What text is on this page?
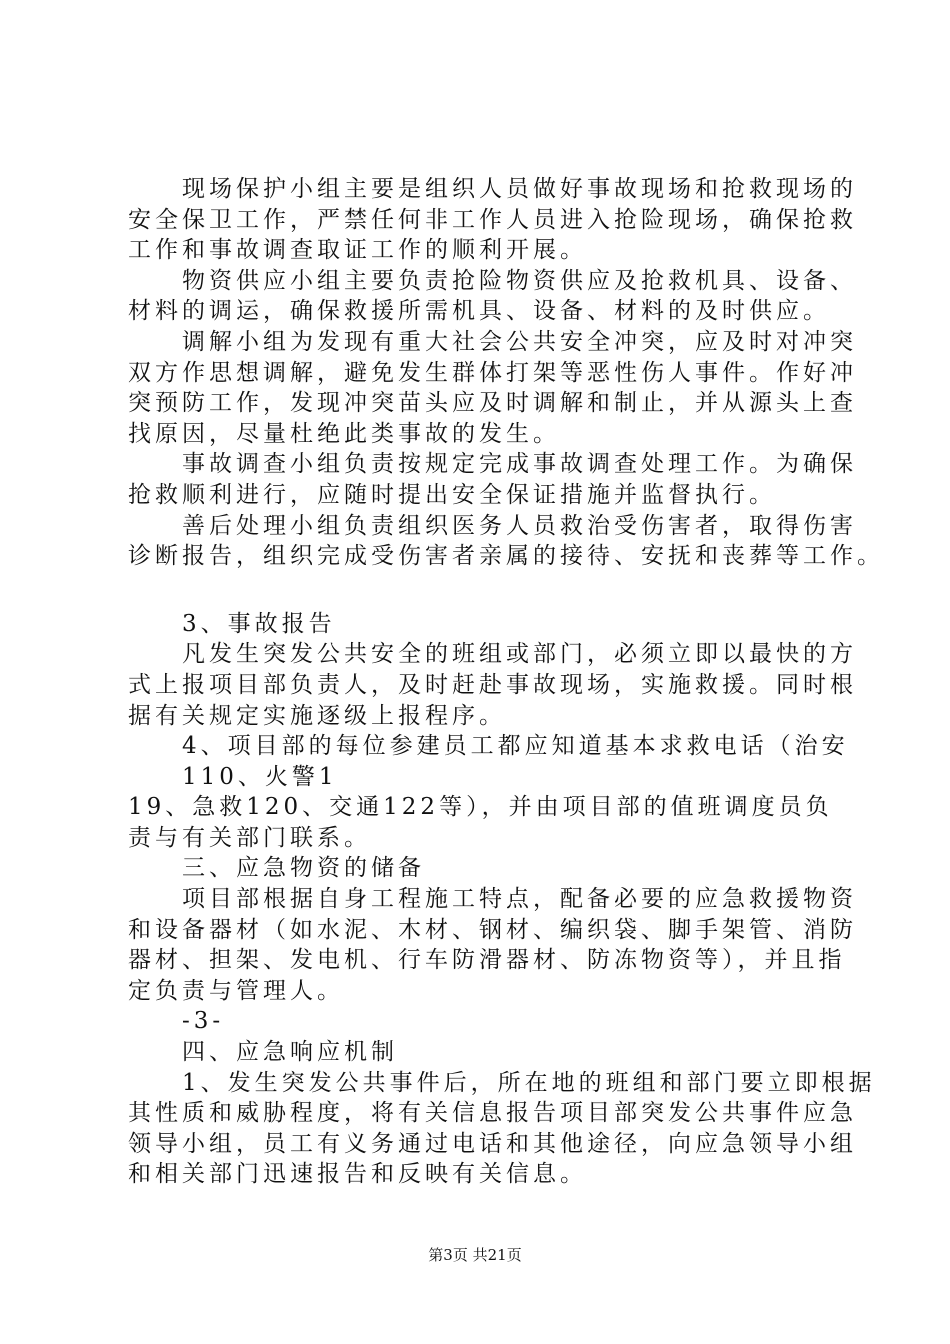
现场保护小组主要是组织人员做好事故现场和抢救现场的
安全保卫工作，严禁任何非工作人员进入抢险现场，确保抢救
工作和事故调查取证工作的顺利开展。
物资供应小组主要负责抢险物资供应及抢救机具、设备、
材料的调运，确保救援所需机具、设备、材料的及时供应。
调解小组为发现有重大社会公共安全冲突，应及时对冲突
双方作思想调解，避免发生群体打架等恶性伤人事件。作好冲
突预防工作，发现冲突苗头应及时调解和制止，并从源头上查
找原因，尽量杜绝此类事故的发生。
事故调查小组负责按规定完成事故调查处理工作。为确保
抢救顺利进行，应随时提出安全保证措施并监督执行。
善后处理小组负责组织医务人员救治受伤害者，取得伤害
诊断报告，组织完成受伤害者亲属的接待、安抚和丧葬等工作。
3、事故报告
凡发生突发公共安全的班组或部门，必须立即以最快的方
式上报项目部负责人，及时赶赴事故现场，实施救援。同时根
据有关规定实施逐级上报程序。
4、项目部的每位参建员工都应知道基本求救电话（治安
110、火警1
19、急救120、交通122等），并由项目部的值班调度员负
责与有关部门联系。
三、应急物资的储备
项目部根据自身工程施工特点，配备必要的应急救援物资
和设备器材（如水泥、木材、钢材、编织袋、脚手架管、消防
器材、担架、发电机、行车防滑器材、防冻物资等），并且指
定负责与管理人。
-3-
四、应急响应机制
1、发生突发公共事件后，所在地的班组和部门要立即根据
其性质和威胁程度，将有关信息报告项目部突发公共事件应急
领导小组，员工有义务通过电话和其他途径，向应急领导小组
和相关部门迅速报告和反映有关信息。
第3页 共21页
